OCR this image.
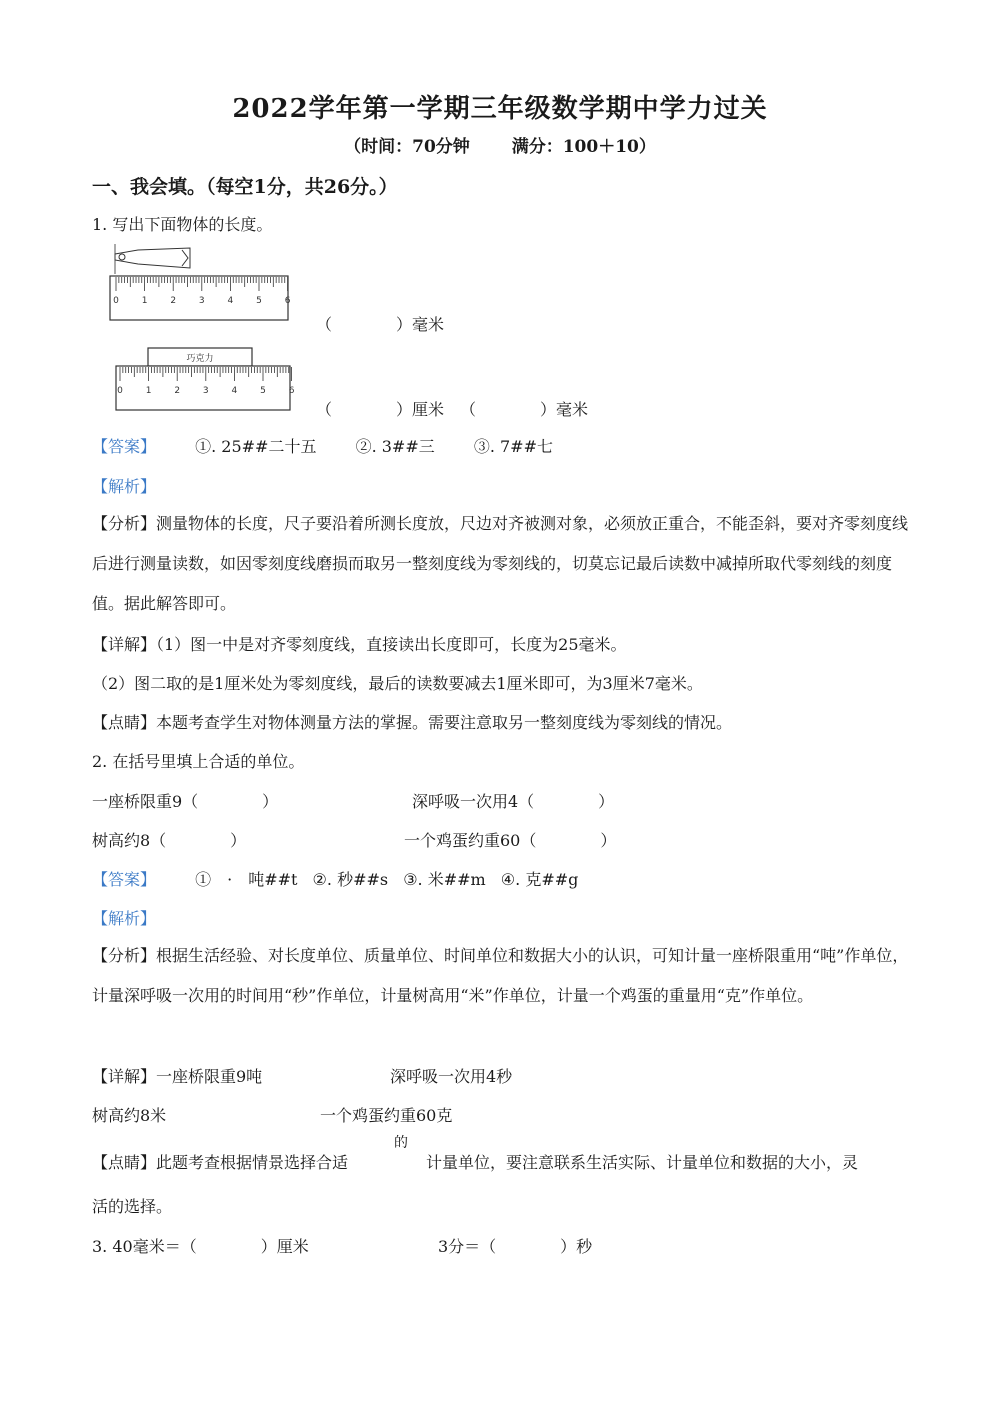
2022学年第一学期三年级数学期中学力过关
（时间：70分钟 满分：100＋10）
一、我会填。（每空1分，共26分。）
1. 写出下面物体的长度。
0	1	2	3	4	5	6
（　　　　）毫米
巧克力
0	1	2	3	4	5	6
（　　　　）厘米 （　　　　）毫米
【答案】 ①. 25##二十五 ②. 3##三 ③. 7##七
【解析】
【分析】测量物体的长度，尺子要沿着所测长度放，尺边对齐被测对象，必须放正重合，不能歪斜，要对齐零刻度线后进行测量读数，如因零刻度线磨损而取另一整刻度线为零刻线的，切莫忘记最后读数中减掉所取代零刻线的刻度值。据此解答即可。
【详解】（1）图一中是对齐零刻度线，直接读出长度即可，长度为25毫米。
（2）图二取的是1厘米处为零刻度线，最后的读数要减去1厘米即可，为3厘米7毫米。
【点睛】本题考查学生对物体测量方法的掌握。需要注意取另一整刻度线为零刻线的情况。
2. 在括号里填上合适的单位。
一座桥限重9（　　　　）	深呼吸一次用4（　　　　）
树高约8（　　　　）	一个鸡蛋约重60（　　　　）
【答案】 ①　·　吨##t ②. 秒##s ③. 米##m ④. 克##g
【解析】
【分析】根据生活经验、对长度单位、质量单位、时间单位和数据大小的认识，可知计量一座桥限重用“吨”作单位，计量深呼吸一次用的时间用“秒”作单位，计量树高用“米”作单位，计量一个鸡蛋的重量用“克”作单位。
【详解】一座桥限重9吨	深呼吸一次用4秒
树高约8米	一个鸡蛋约重60克
【点睛】此题考查根据情景选择合适
的
计量单位，要注意联系生活实际、计量单位和数据的大小，灵
活的选择。
3. 40毫米＝（　　　　）厘米	3分＝（　　　　）秒
